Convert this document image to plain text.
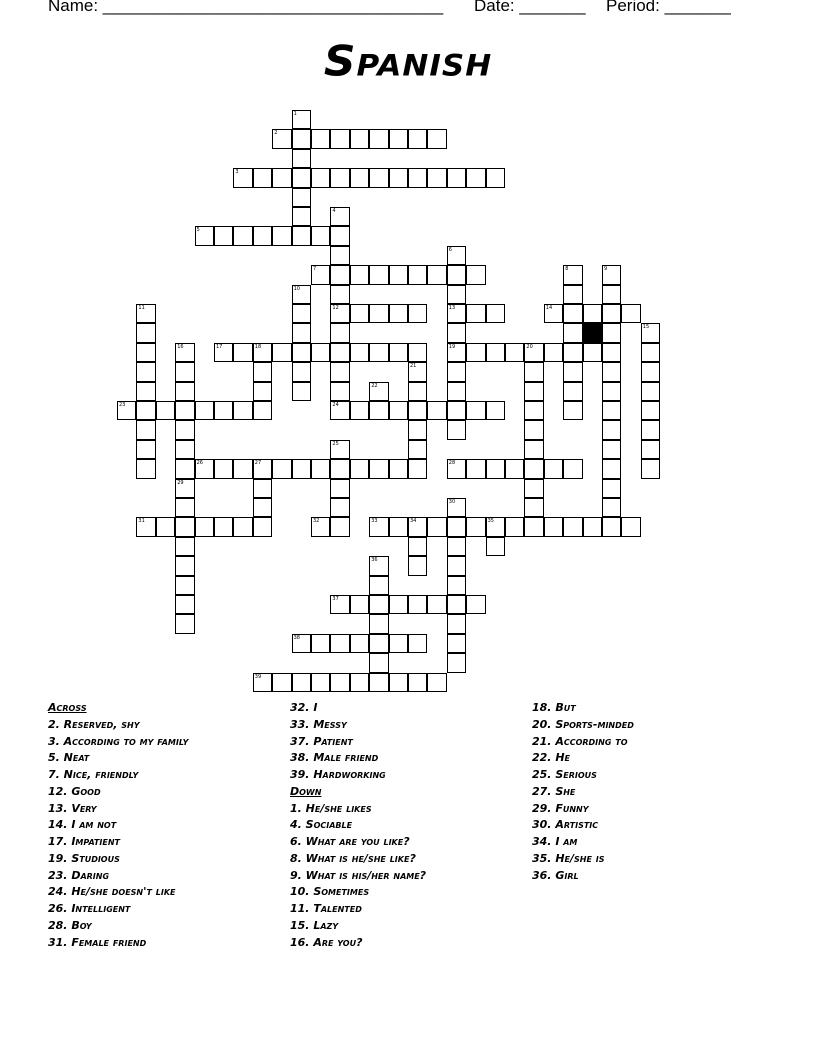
Name: ____________________________________ Date: _______ Period: _______
Spanish
2
3
5
7
12	13	14
17	18	19	20
23	24
26	27	28
31	32	33	34	35
37
38
39
1
4
6
8	9
10
11
15
16
21
22
25
29
30
36
Across
2. Reserved, shy
3. According to my family
5. Neat
7. Nice, friendly
12. Good
13. Very
14. I am not
17. Impatient
19. Studious
23. Daring
24. He/she doesn't like
26. Intelligent
28. Boy
31. Female friend
32. I
33. Messy
37. Patient
38. Male friend
39. Hardworking
Down
1. He/she likes
4. Sociable
6. What are you like?
8. What is he/she like?
9. What is his/her name?
10. Sometimes
11. Talented
15. Lazy
16. Are you?
18. But
20. Sports-minded
21. According to
22. He
25. Serious
27. She
29. Funny
30. Artistic
34. I am
35. He/she is
36. Girl
